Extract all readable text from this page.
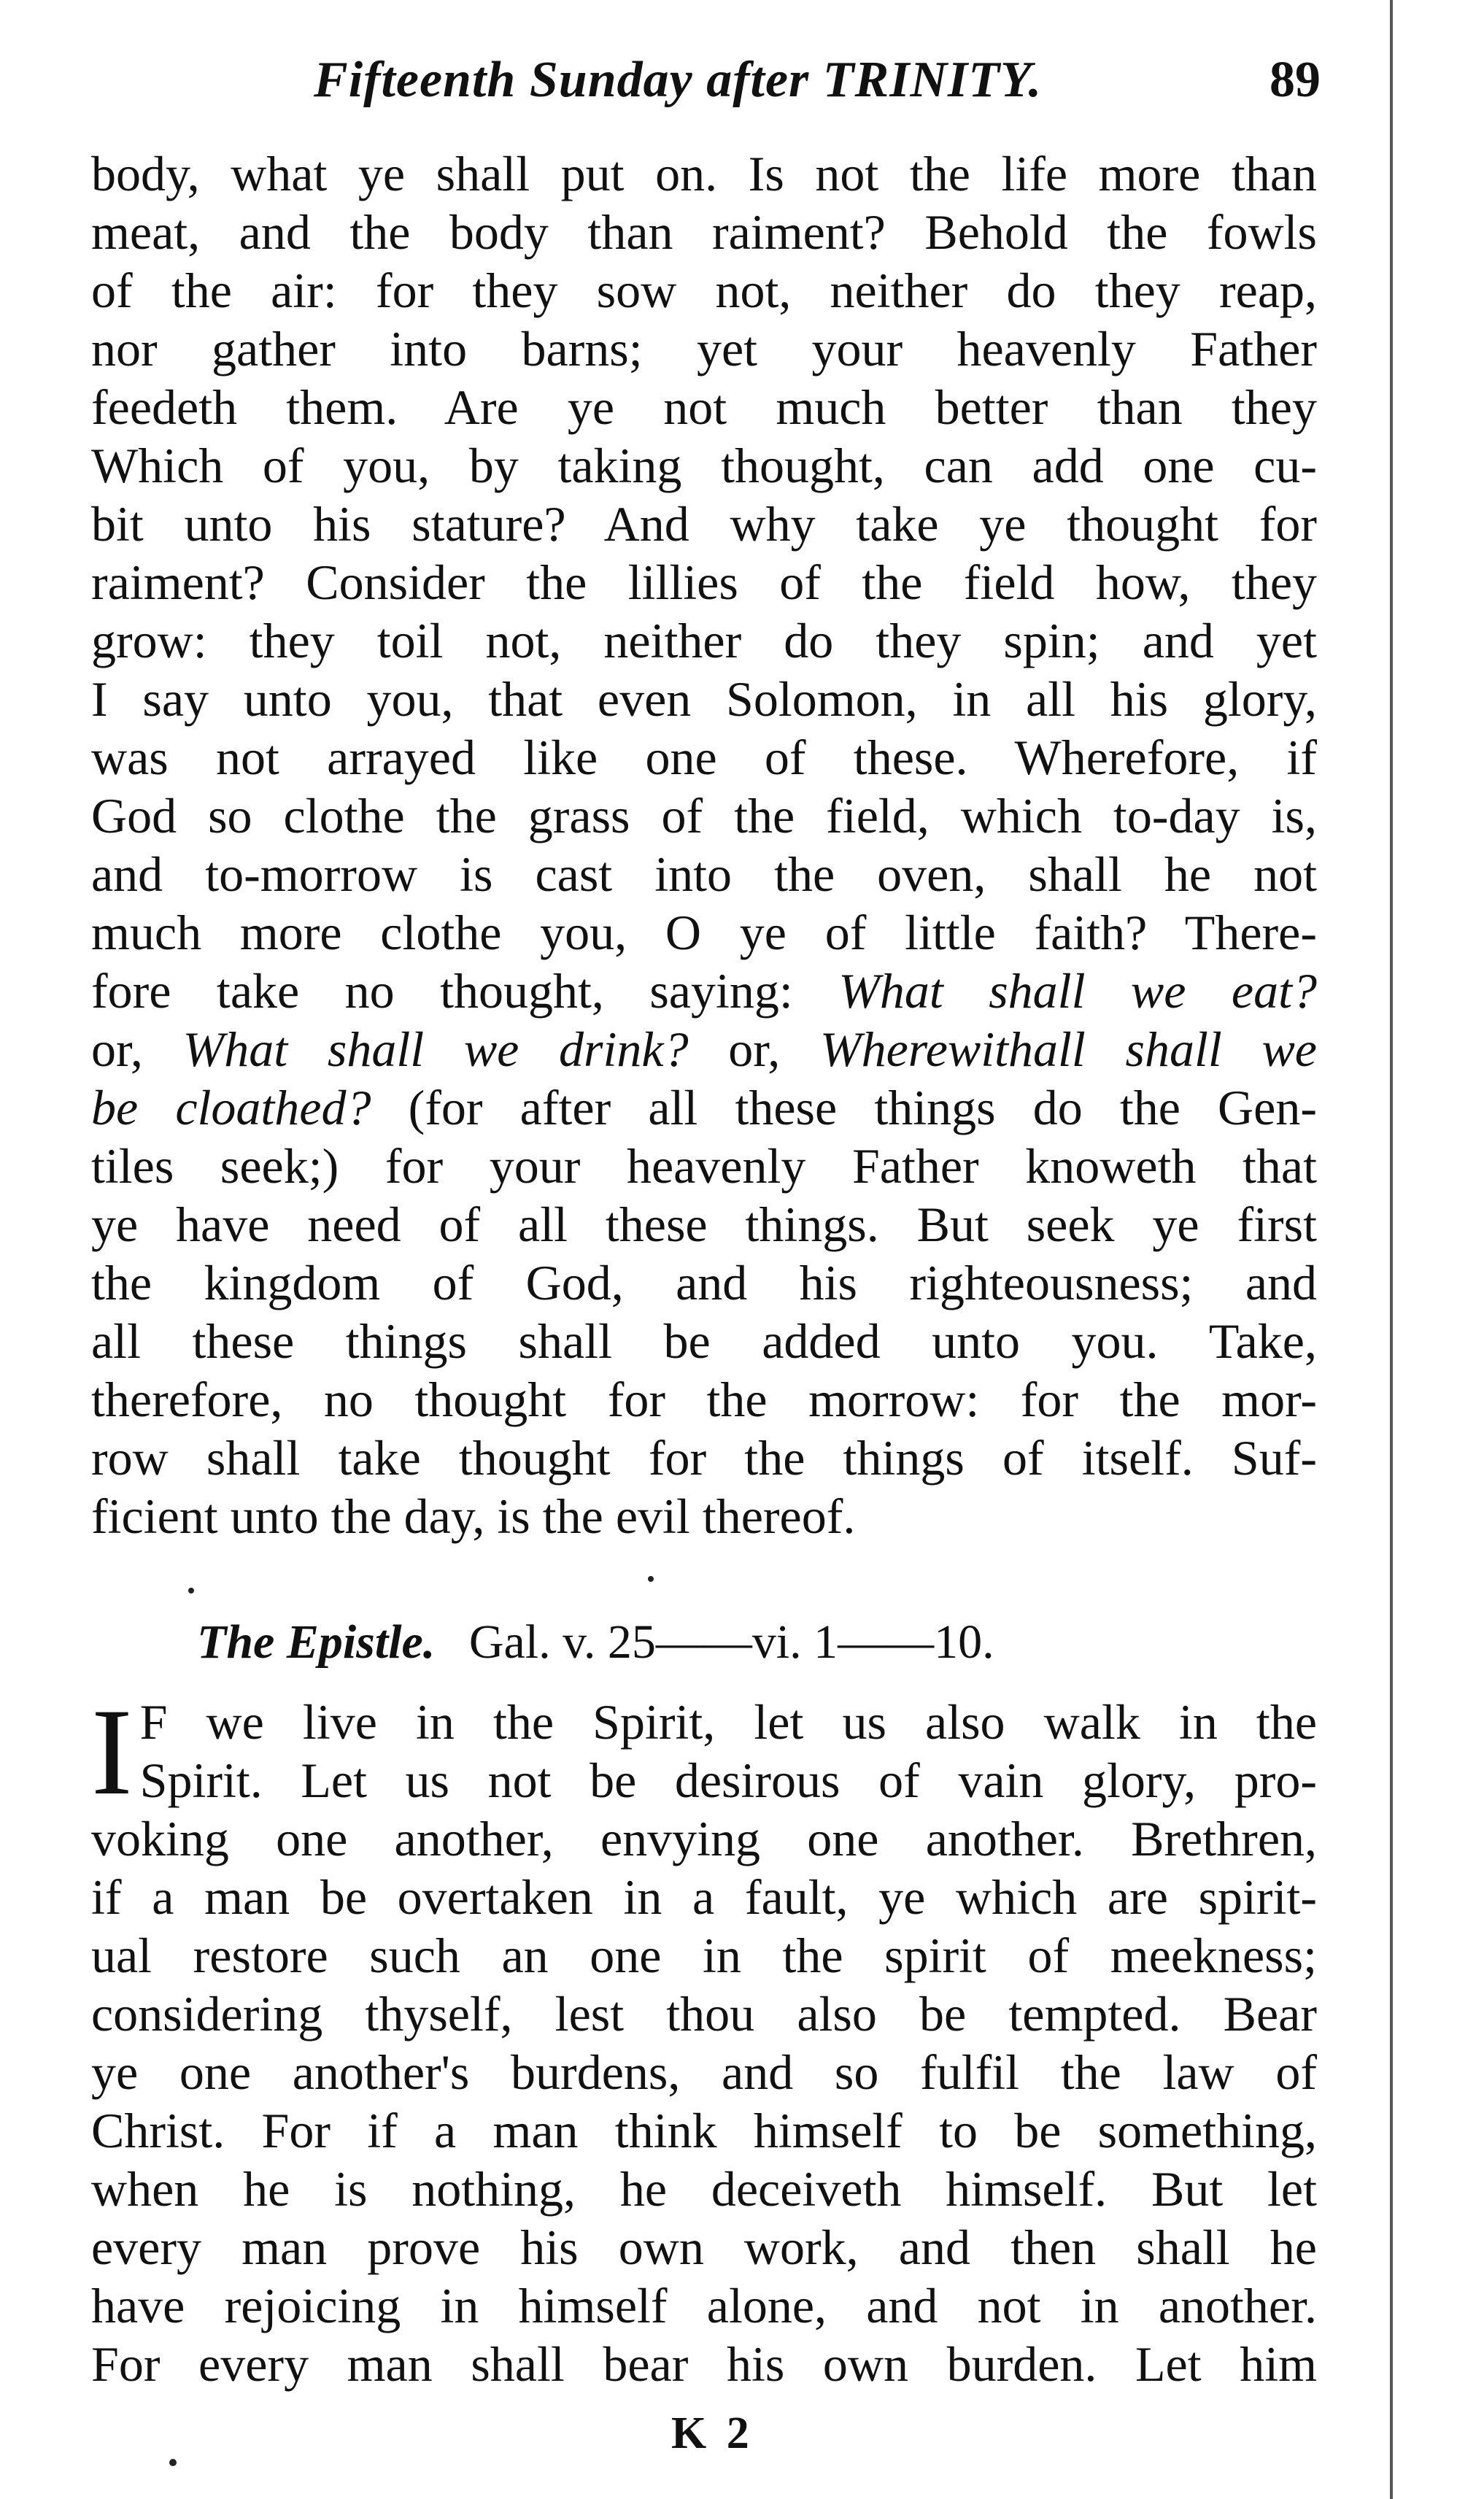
Fifteenth Sunday after TRINITY.	89
body, what ye shall put on. Is not the life more than
meat, and the body than raiment? Behold the fowls
of the air: for they sow not, neither do they reap,
nor gather into barns; yet your heavenly Father
feedeth them. Are ye not much better than they
Which of you, by taking thought, can add one cu-
bit unto his stature? And why take ye thought for
raiment? Consider the lillies of the field how, they
grow: they toil not, neither do they spin; and yet
I say unto you, that even Solomon, in all his glory,
was not arrayed like one of these. Wherefore, if
God so clothe the grass of the field, which to-day is,
and to-morrow is cast into the oven, shall he not
much more clothe you, O ye of little faith? There-
fore take no thought, saying: What shall we eat?
or, What shall we drink? or, Wherewithall shall we
be cloathed? (for after all these things do the Gen-
tiles seek;) for your heavenly Father knoweth that
ye have need of all these things. But seek ye first
the kingdom of God, and his righteousness; and
all these things shall be added unto you. Take,
therefore, no thought for the morrow: for the mor-
row shall take thought for the things of itself. Suf-
ficient unto the day, is the evil thereof.
The Epistle. Gal. v. 25——vi. 1——10.
I F we live in the Spirit, let us also walk in the
Spirit. Let us not be desirous of vain glory, pro-
voking one another, envying one another. Brethren,
if a man be overtaken in a fault, ye which are spirit-
ual restore such an one in the spirit of meekness;
considering thyself, lest thou also be tempted. Bear
ye one another's burdens, and so fulfil the law of
Christ. For if a man think himself to be something,
when he is nothing, he deceiveth himself. But let
every man prove his own work, and then shall he
have rejoicing in himself alone, and not in another.
For every man shall bear his own burden. Let him
K 2
